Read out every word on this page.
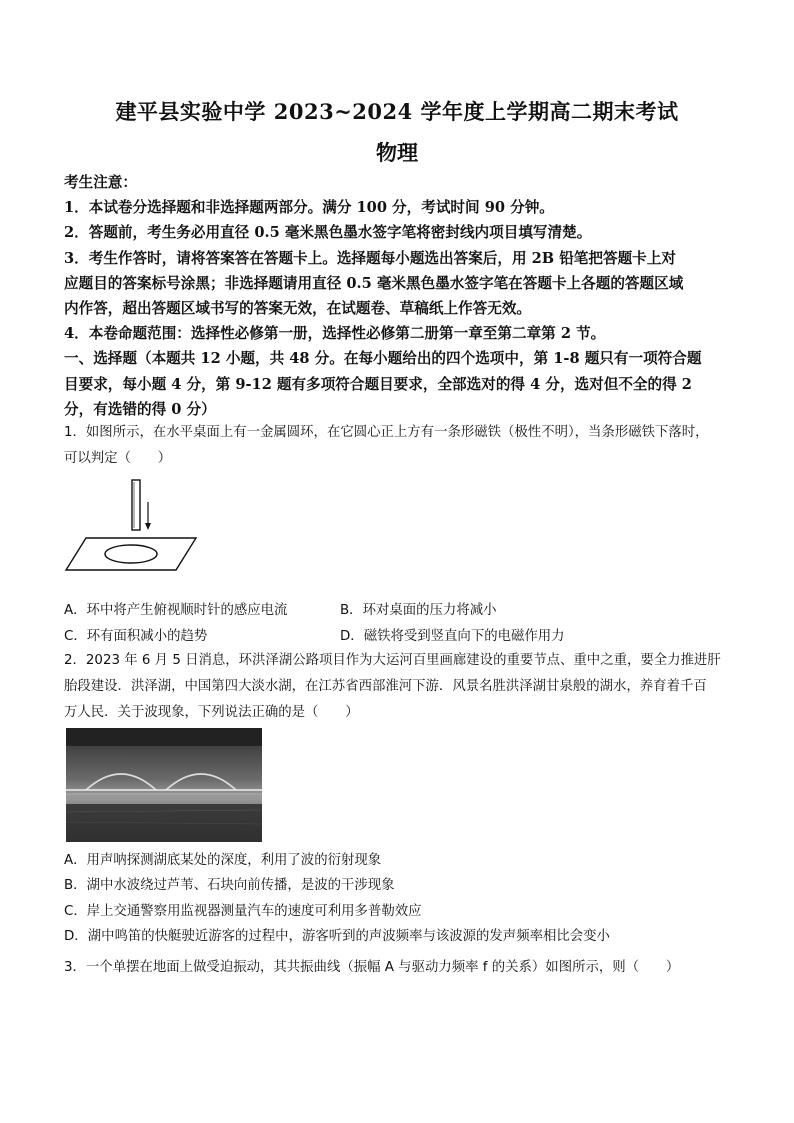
建平县实验中学 2023~2024 学年度上学期高二期末考试
物理

考生注意：

1．本试卷分选择题和非选择题两部分。满分 100 分，考试时间 90 分钟。

2．答题前，考生务必用直径 0.5 毫米黑色墨水签字笔将密封线内项目填写清楚。

3．考生作答时，请将答案答在答题卡上。选择题每小题选出答案后，用 2B 铅笔把答题卡上对

应题目的答案标号涂黑；非选择题请用直径 0.5 毫米黑色墨水签字笔在答题卡上各题的答题区域

内作答，超出答题区域书写的答案无效，在试题卷、草稿纸上作答无效。

4．本卷命题范围：选择性必修第一册，选择性必修第二册第一章至第二章第 2 节。

一、选择题（本题共 12 小题，共 48 分。在每小题给出的四个选项中，第 1-8 题只有一项符合题

目要求，每小题 4 分，第 9-12 题有多项符合题目要求，全部选对的得 4 分，选对但不全的得 2

分，有选错的得 0 分）

1．如图所示，在水平桌面上有一金属圆环，在它圆心正上方有一条形磁铁（极性不明），当条形磁铁下落时，

可以判定（　　）

A．环中将产生俯视顺时针的感应电流	B．环对桌面的压力将减小
C．环有面积减小的趋势	D．磁铁将受到竖直向下的电磁作用力

2．2023 年 6 月 5 日消息，环洪泽湖公路项目作为大运河百里画廊建设的重要节点、重中之重，要全力推进肝

胎段建设．洪泽湖，中国第四大淡水湖，在江苏省西部淮河下游．风景名胜洪泽湖甘泉般的湖水，养育着千百

万人民．关于波现象，下列说法正确的是（　　）

A．用声呐探测湖底某处的深度，利用了波的衍射现象

B．湖中水波绕过芦苇、石块向前传播，是波的干涉现象

C．岸上交通警察用监视器测量汽车的速度可利用多普勒效应

D．湖中鸣笛的快艇驶近游客的过程中，游客听到的声波频率与该波源的发声频率相比会变小

3．一个单摆在地面上做受迫振动，其共振曲线（振幅 A 与驱动力频率 f 的关系）如图所示，则（　　）
